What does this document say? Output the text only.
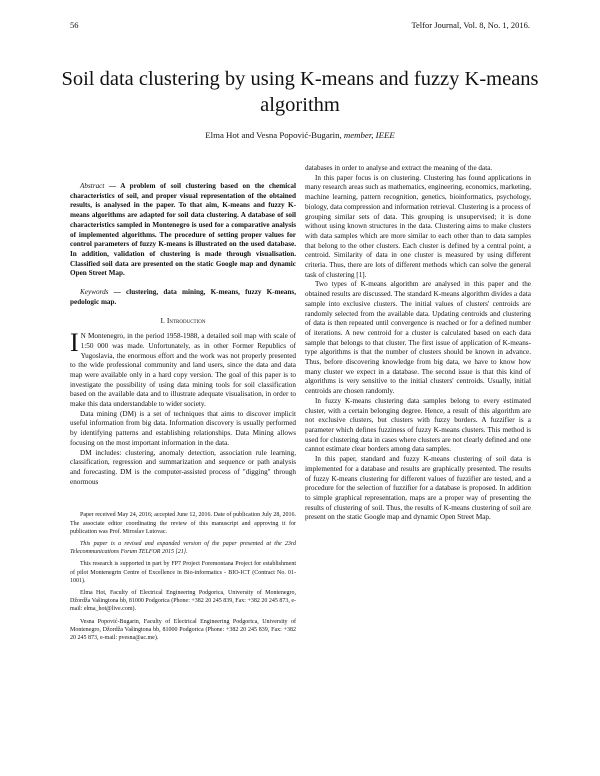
56	Telfor Journal, Vol. 8, No. 1, 2016.
Soil data clustering by using K-means and fuzzy K-means algorithm
Elma Hot and Vesna Popović-Bugarin, member, IEEE

Abstract — A problem of soil clustering based on the chemical characteristics of soil, and proper visual representation of the obtained results, is analysed in the paper. To that aim, K-means and fuzzy K-means algorithms are adapted for soil data clustering. A database of soil characteristics sampled in Montenegro is used for a comparative analysis of implemented algorithms. The procedure of setting proper values for control parameters of fuzzy K-means is illustrated on the used database. In addition, validation of clustering is made through visualisation. Classified soil data are presented on the static Google map and dynamic Open Street Map.

Keywords — clustering, data mining, K-means, fuzzy K-means, pedologic map.

I. Introduction

I N Montenegro, in the period 1958-1988, a detailed soil map with scale of 1:50 000 was made. Unfortunately, as in other Former Republics of Yugoslavia, the enormous effort and the work was not properly presented to the wide professional community and land users, since the data and data map were available only in a hard copy version. The goal of this paper is to investigate the possibility of using data mining tools for soil classification based on the available data and to illustrate adequate visualisation, in order to make this data understandable to wider society.

Data mining (DM) is a set of techniques that aims to discover implicit useful information from big data. Information discovery is usually performed by identifying patterns and establishing relationships. Data Mining allows focusing on the most important information in the data.

DM includes: clustering, anomaly detection, association rule learning, classification, regression and summarization and sequence or path analysis and forecasting. DM is the computer-assisted process of "digging" through enormous

Paper received May 24, 2016; accepted June 12, 2016. Date of publication July 28, 2016. The associate editor coordinating the review of this manuscript and approving it for publication was Prof. Miroslav Lutovac.

This paper is a revised and expanded version of the paper presented at the 23rd Telecommunications Forum TELFOR 2015 [21].

This research is supported in part by FP7 Project Foremontana Project for establishment of pilot Montenegrin Centre of Excellence in Bio-informatics - BIO-ICT (Contract No. 01-1001).

Elma Hot, Faculty of Electrical Engineering Podgorica, University of Montenegro, Džordža Vašingtona bb, 81000 Podgorica (Phone: +382 20 245 839, Fax: +382 20 245 873, e-mail: elma_hot@live.com).

Vesna Popović-Bugarin, Faculty of Electrical Engineering Podgorica, University of Montenegro, Džordža Vašingtona bb, 81000 Podgorica (Phone: +382 20 245 839, Fax: +382 20 245 873, e-mail: pvesna@ac.me).

databases in order to analyse and extract the meaning of the data.

In this paper focus is on clustering. Clustering has found applications in many research areas such as mathematics, engineering, economics, marketing, machine learning, pattern recognition, genetics, bioinformatics, psychology, biology, data compression and information retrieval. Clustering is a process of grouping similar sets of data. This grouping is unsupervised; it is done without using known structures in the data. Clustering aims to make clusters with data samples which are more similar to each other than to data samples that belong to the other clusters. Each cluster is defined by a central point, a centroid. Similarity of data in one cluster is measured by using different criteria. Thus, there are lots of different methods which can solve the general task of clustering [1].

Two types of K-means algorithm are analysed in this paper and the obtained results are discussed. The standard K-means algorithm divides a data sample into exclusive clusters. The initial values of clusters' centroids are randomly selected from the available data. Updating centroids and clustering of data is then repeated until convergence is reached or for a defined number of iterations. A new centroid for a cluster is calculated based on each data sample that belongs to that cluster. The first issue of application of K-means-type algorithms is that the number of clusters should be known in advance. Thus, before discovering knowledge from big data, we have to know how many cluster we expect in a database. The second issue is that this kind of algorithms is very sensitive to the initial clusters' centroids. Usually, initial centroids are chosen randomly.

In fuzzy K-means clustering data samples belong to every estimated cluster, with a certain belonging degree. Hence, a result of this algorithm are not exclusive clusters, but clusters with fuzzy borders. A fuzzifier is a parameter which defines fuzziness of fuzzy K-means clusters. This method is used for clustering data in cases where clusters are not clearly defined and one cannot estimate clear borders among data samples.

In this paper, standard and fuzzy K-means clustering of soil data is implemented for a database and results are graphically presented. The results of fuzzy K-means clustering for different values of fuzzifier are tested, and a procedure for the selection of fuzzifier for a database is proposed. In addition to simple graphical representation, maps are a proper way of presenting the results of clustering of soil. Thus, the results of K-means clustering of soil are present on the static Google map and dynamic Open Street Map.
